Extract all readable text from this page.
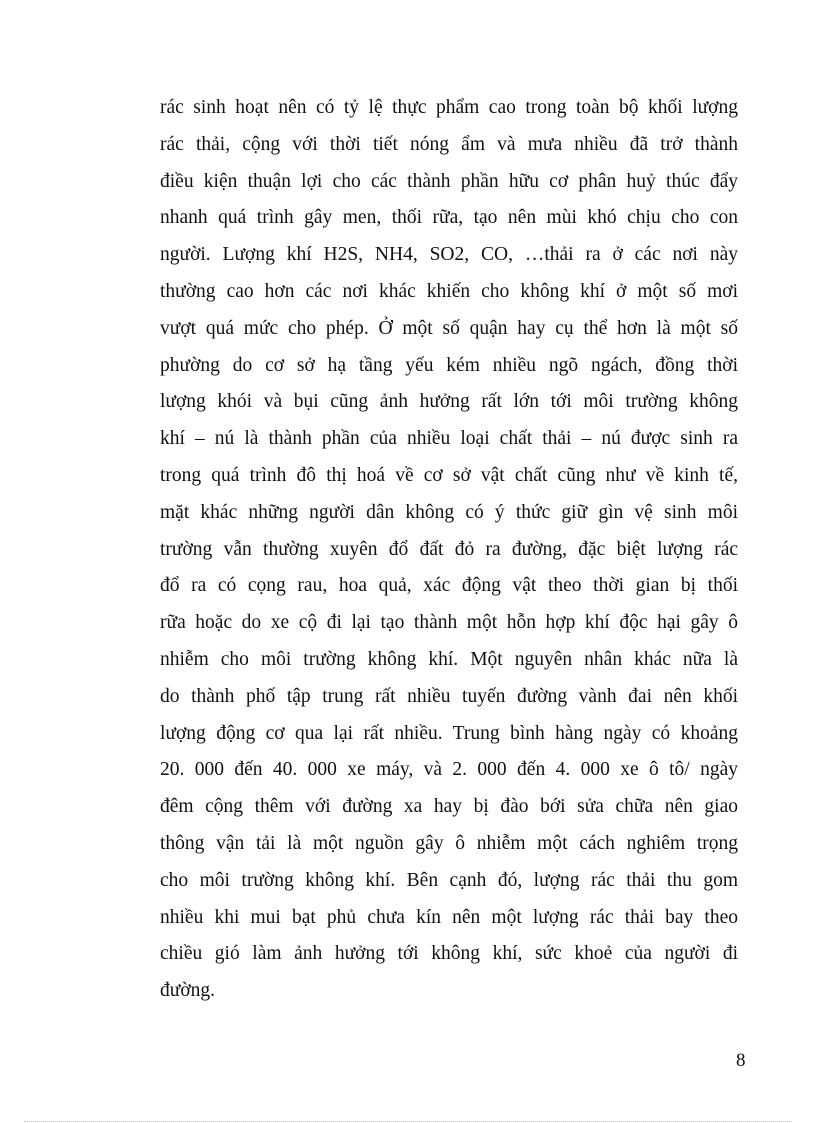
rác sinh hoạt nên có tỷ lệ thực phẩm cao trong toàn bộ khối lượng
rác thải, cộng với thời tiết nóng ẩm và mưa nhiều đã trở thành
điều kiện thuận lợi cho các thành phần hữu cơ phân huỷ thúc đẩy
nhanh quá trình gây men, thối rữa, tạo nên mùi khó chịu cho con
người. Lượng khí H2S, NH4, SO2, CO, …thải ra ở các nơi này
thường cao hơn các nơi khác khiến cho không khí ở một số mơi
vượt quá mức cho phép. Ở một số quận hay cụ thể hơn là một số
phường do cơ sở hạ tầng yếu kém nhiều ngõ ngách, đồng thời
lượng khói và bụi cũng ảnh hưởng rất lớn tới môi trường không
khí – nú là thành phần của nhiều loại chất thải – nú được sinh ra
trong quá trình đô thị hoá về cơ sở vật chất cũng như về kinh tế,
mặt khác những người dân không có ý thức giữ gìn vệ sinh môi
trường vẫn thường xuyên đổ đất đỏ ra đường, đặc biệt lượng rác
đổ ra có cọng rau, hoa quả, xác động vật theo thời gian bị thối
rữa hoặc do xe cộ đi lại tạo thành một hỗn hợp khí độc hại gây ô
nhiễm cho môi trường không khí. Một nguyên nhân khác nữa là
do thành phố tập trung rất nhiều tuyến đường vành đai nên khối
lượng động cơ qua lại rất nhiều. Trung bình hàng ngày có khoảng
20. 000 đến 40. 000 xe máy, và 2. 000 đến 4. 000 xe ô tô/ ngày
đêm cộng thêm với đường xa hay bị đào bới sửa chữa nên giao
thông vận tải là một nguồn gây ô nhiễm một cách nghiêm trọng
cho môi trường không khí. Bên cạnh đó, lượng rác thải thu gom
nhiều khi mui bạt phủ chưa kín nên một lượng rác thải bay theo
chiều gió làm ảnh hưởng tới không khí, sức khoẻ của người đi
đường.
8
